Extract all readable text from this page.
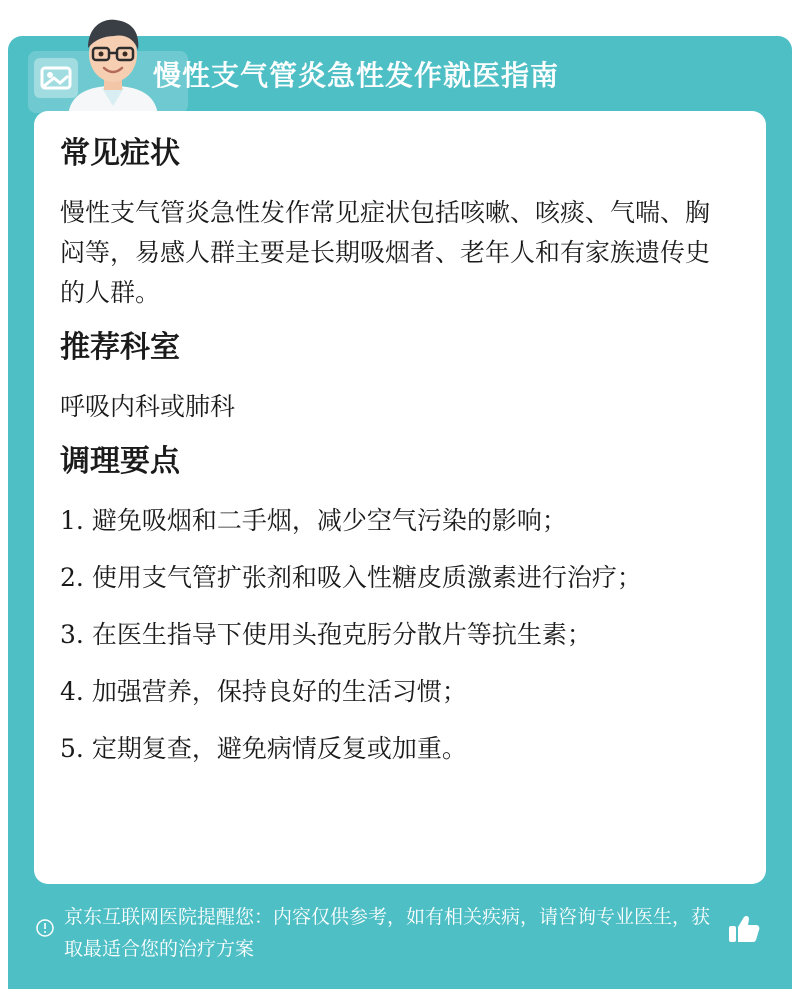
慢性支气管炎急性发作就医指南
常见症状
慢性支气管炎急性发作常见症状包括咳嗽、咳痰、气喘、胸闷等，易感人群主要是长期吸烟者、老年人和有家族遗传史的人群。
推荐科室
呼吸内科或肺科
调理要点
1. 避免吸烟和二手烟，减少空气污染的影响；
2. 使用支气管扩张剂和吸入性糖皮质激素进行治疗；
3. 在医生指导下使用头孢克肟分散片等抗生素；
4. 加强营养，保持良好的生活习惯；
5. 定期复查，避免病情反复或加重。
京东互联网医院提醒您：内容仅供参考，如有相关疾病，请咨询专业医生，获取最适合您的治疗方案
